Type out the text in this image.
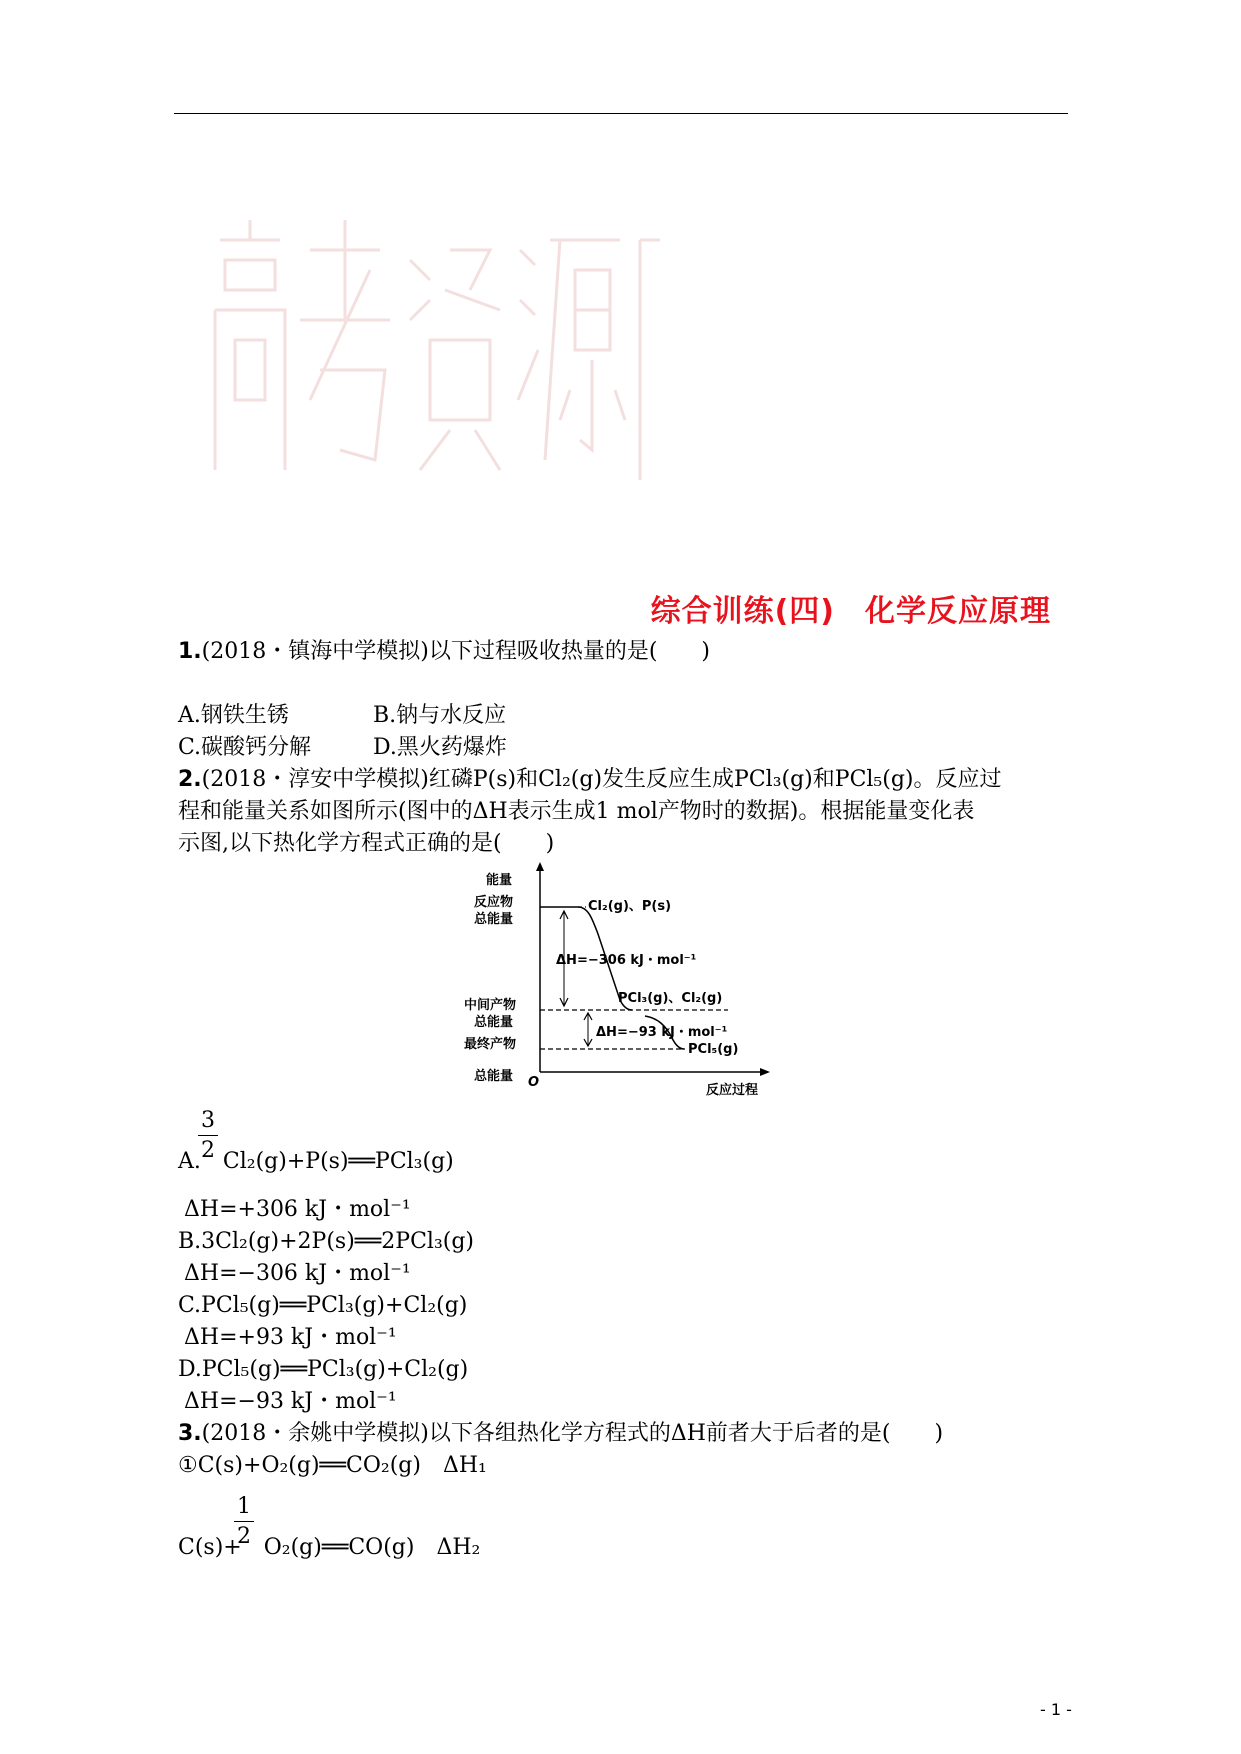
综合训练(四) 化学反应原理
1.(2018・镇海中学模拟)以下过程吸收热量的是(　　)
A.钢铁生锈	B.钠与水反应
C.碳酸钙分解	D.黑火药爆炸
2.(2018・淳安中学模拟)红磷P(s)和Cl₂(g)发生反应生成PCl₃(g)和PCl₅(g)。反应过
程和能量关系如图所示(图中的ΔH表示生成1 mol产物时的数据)。根据能量变化表
示图,以下热化学方程式正确的是(　　)
能量
反应物
总能量
中间产物
总能量
最终产物
总能量 O
反应过程
Cl₂(g)、P(s)
ΔH=−306 kJ・mol⁻¹
PCl₃(g)、Cl₂(g)
ΔH=−93 kJ・mol⁻¹
PCl₅(g)
3
2
A. Cl₂(g)+P(s)══PCl₃(g)
ΔH=+306 kJ・mol⁻¹
B.3Cl₂(g)+2P(s)══2PCl₃(g)
ΔH=−306 kJ・mol⁻¹
C.PCl₅(g)══PCl₃(g)+Cl₂(g)
ΔH=+93 kJ・mol⁻¹
D.PCl₅(g)══PCl₃(g)+Cl₂(g)
ΔH=−93 kJ・mol⁻¹
3.(2018・余姚中学模拟)以下各组热化学方程式的ΔH前者大于后者的是(　　)
①C(s)+O₂(g)══CO₂(g)　ΔH₁
1
2
C(s)+ O₂(g)══CO(g)　ΔH₂
- 1 -
